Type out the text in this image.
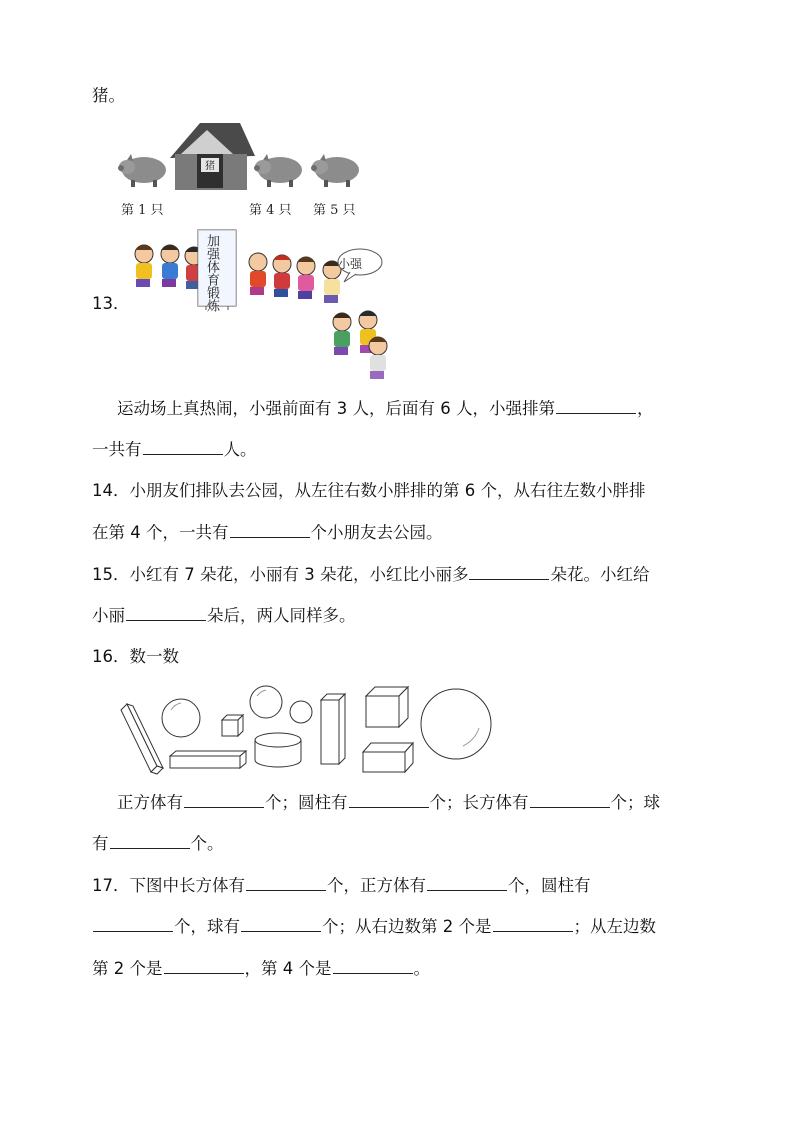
猪。
猪
第 1 只	第 4 只 第 5 只
13．	加强体育锻炼	小强
运动场上真热闹，小强前面有 3 人，后面有 6 人，小强排第	，
一共有	人。
14．小朋友们排队去公园，从左往右数小胖排的第 6 个，从右往左数小胖排
在第 4 个，一共有	个小朋友去公园。
15．小红有 7 朵花，小丽有 3 朵花，小红比小丽多	朵花。小红给
小丽	朵后，两人同样多。
16．数一数
正方体有	个；圆柱有	个；长方体有	个；球
有	个。
17．下图中长方体有	个，正方体有	个，圆柱有
个，球有	个；从右边数第 2 个是	；从左边数
第 2 个是	，第 4 个是	。
